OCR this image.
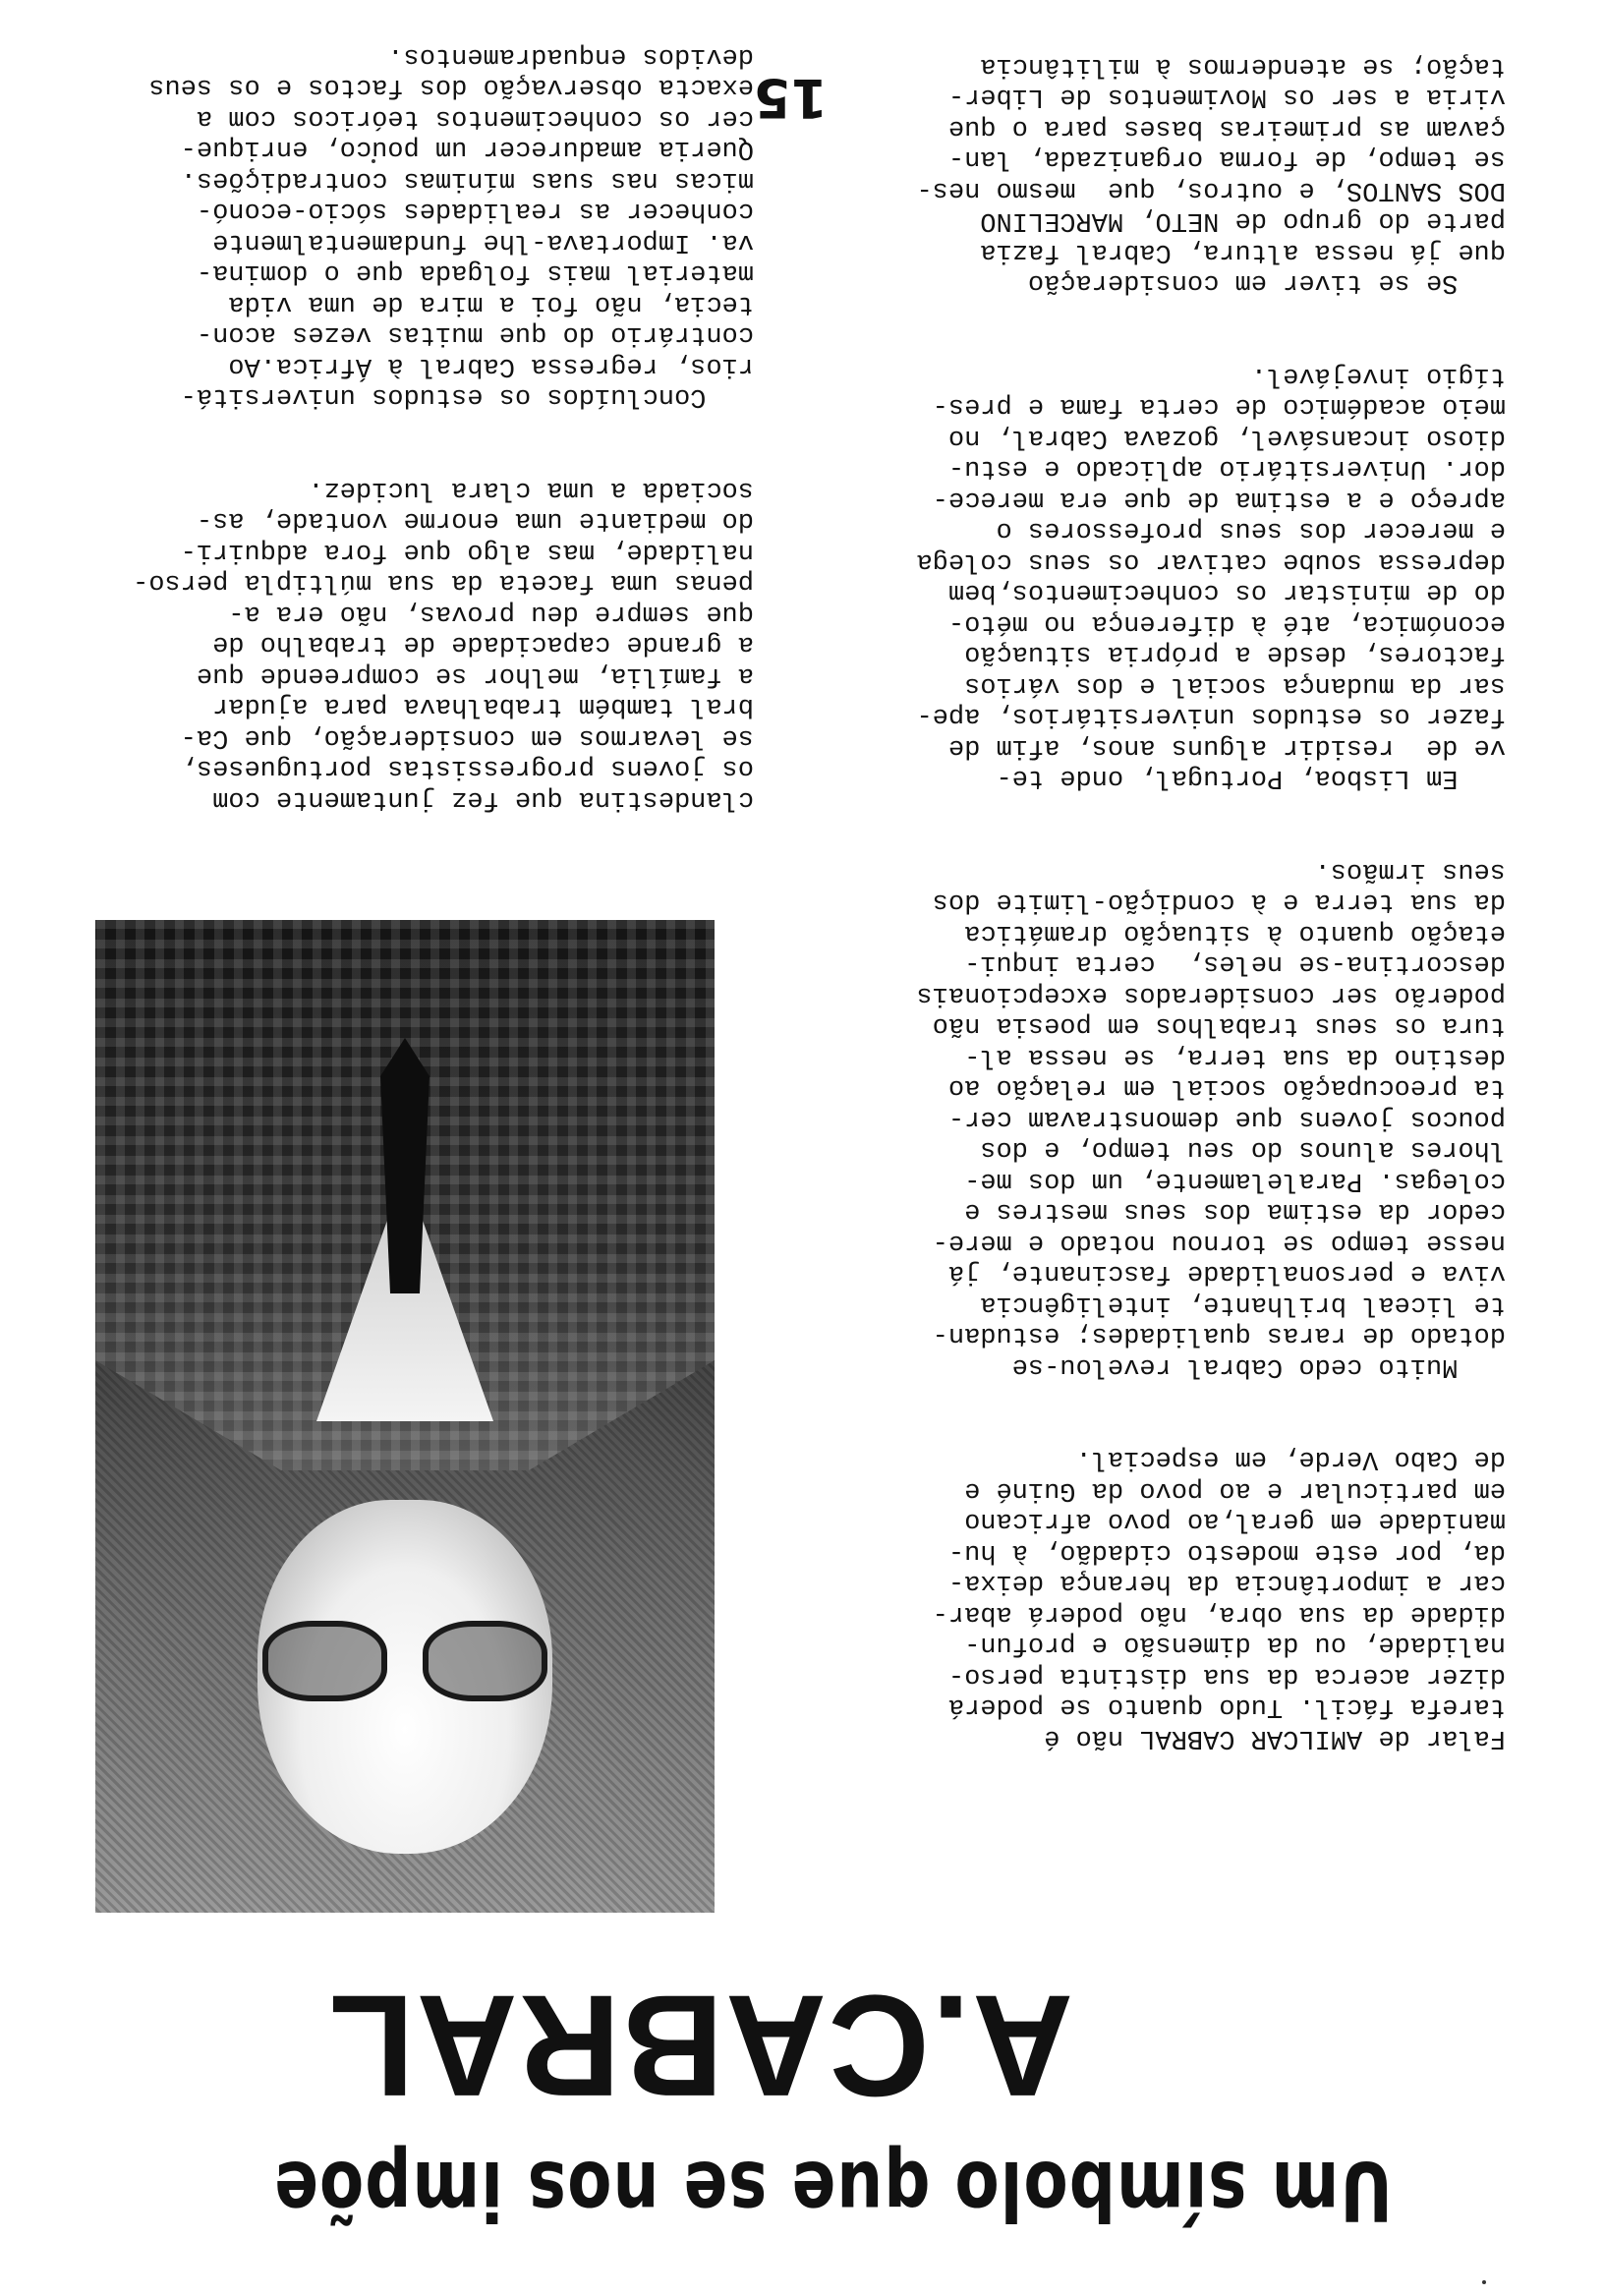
Um símbolo que se nos impõe
A.CABRAL

Falar de AMILCAR CABRAL não é
tarefa fácil. Tudo quanto se poderá
dizer acerca da sua distinta perso-
nalidade, ou da dimensão e profun-
didade da sua obra, não poderá abar-
car a importância da herança deixa-
da, por este modesto cidadão, à hu-
manidade em geral,ao povo africano
em particular e ao povo da Guiné e
de Cabo Verde, em especial.

Muito cedo Cabral revelou-se
dotado de raras qualidades; estudan-
te liceal brilhante, inteligência
viva e personalidade fascinante, já
nesse tempo se tornou notado e mere-
cedor da estima dos seus mestres e
colegas. Paralelamente, um dos me-
lhores alunos do seu tempo, e dos
poucos jovens que demonstravam cer-
ta preocupação social em relação ao
destino da sua terra, se nessa al-
tura os seus trabalhos em poesia não
poderão ser considerados excepcionais
descortina-se neles,  certa inqui-
etação quanto à situação dramática
da sua terra e à condição-limite dos
seus irmãos.

Em Lisboa, Portugal, onde te-
ve de  residir alguns anos, afim de
fazer os estudos universitários, ape-
sar da mudança social e dos vários
factores, desde a própria situação
económica, até à diferença no méto-
do de ministar os conhecimentos,bem
depressa soube cativar os seus colega
e merecer dos seus professores o
apreço e a estima de que era merece-
dor. Universitário aplicado e estu-
dioso incansável, gozava Cabral, no
meio académico de certa fama e pres-
tígio invejável.

Se se tiver em consideração
que já nessa altura, Cabral fazia
parte do grupo de NETO, MARCELINO
DOS SANTOS, e outros, que  mesmo nes-
se tempo, de forma organizada, lan-
çavam as primeiras bases para o que
viria a ser os Movimentos de Liber-
tação; se atendermos à militância

clandestina que fez juntamente com
os jovens progressistas portugueses,
se levarmos em consideração, que Ca-
bral também trabalhava para ajudar
a família, melhor se compreende que
a grande capacidade de trabalho de
que sempre deu provas, não era a-
penas uma faceta da sua múltipla perso-
nalidade, mas algo que fora adquiri-
do mediante uma enorme vontade, as-
sociada a uma clara lucidez.

Concluídos os estudos universitá-
rios, regressa Cabral à África.Ao
contrário do que muitas vezes acon-
tecia, não foi a mira de uma vida
material mais folgada que o domina-
va. Importava-lhe fundamentalmente
conhecer as realidades sócio-econó-
micas nas suas mínimas contradições.
Queria amadurecer um pouco, enrique-
cer os conhecimentos teóricos com a
exacta observação dos factos e os seus
devidos enquadramentos.

15
